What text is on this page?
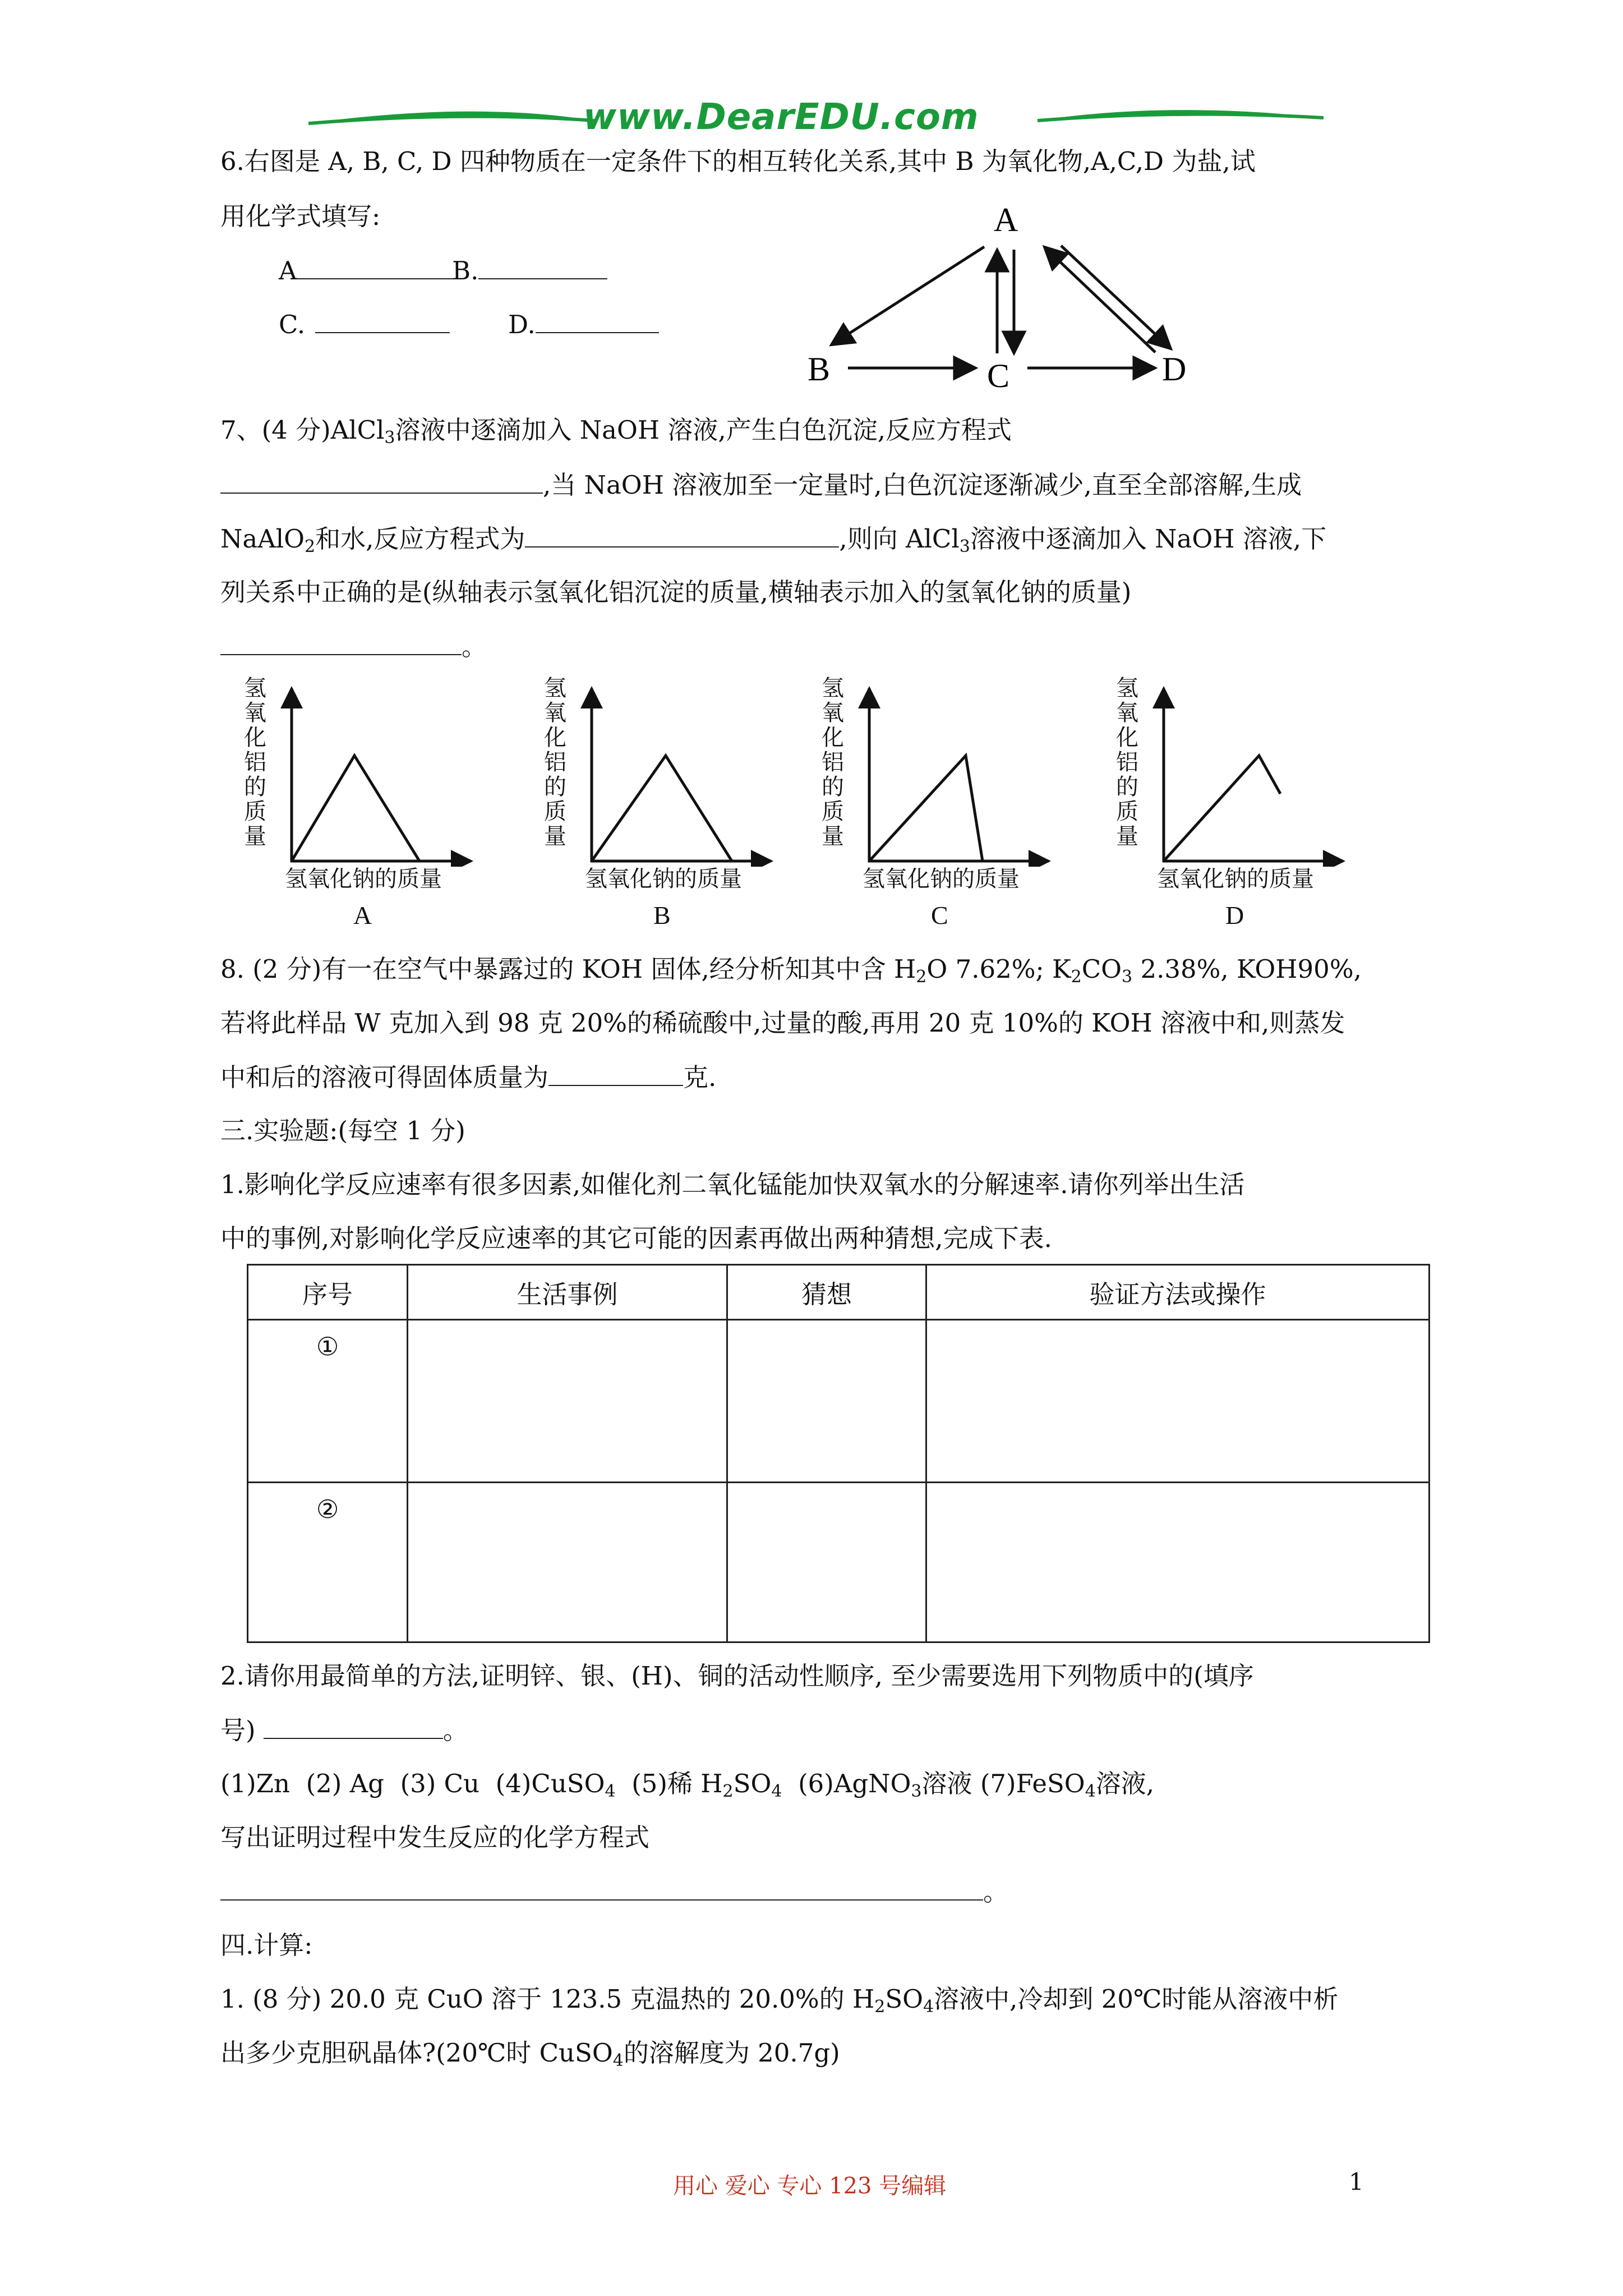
www.DearEDU.com
6.右图是 A, B, C, D 四种物质在一定条件下的相互转化关系,其中 B 为氧化物,A,C,D 为盐,试
用化学式填写:
A	B.
C.	D.
A
B	C	D
7、(4 分)AlCl$_3$溶液中逐滴加入 NaOH 溶液,产生白色沉淀,反应方程式
,当 NaOH 溶液加至一定量时,白色沉淀逐渐减少,直至全部溶解,生成
NaAlO$_2$和水,反应方程式为	,则向 AlCl$_3$溶液中逐滴加入 NaOH 溶液,下
列关系中正确的是(纵轴表示氢氧化铝沉淀的质量,横轴表示加入的氢氧化钠的质量)
。
氢氧化铝的质量
氢氧化钠的质量
A
氢氧化铝的质量
氢氧化钠的质量
B
氢氧化铝的质量
氢氧化钠的质量
C
氢氧化铝的质量
氢氧化钠的质量
D
8. (2 分)有一在空气中暴露过的 KOH 固体,经分析知其中含 $H_2O$ 7.62%; $K_2CO_3$ 2.38%, KOH90%,
若将此样品 W 克加入到 98 克 20%的稀硫酸中,过量的酸,再用 20 克 10%的 KOH 溶液中和,则蒸发
中和后的溶液可得固体质量为	克.
三.实验题:(每空 1 分)
1.影响化学反应速率有很多因素,如催化剂二氧化锰能加快双氧水的分解速率.请你列举出生活
中的事例,对影响化学反应速率的其它可能的因素再做出两种猜想,完成下表.
序号	生活事例	猜想	验证方法或操作
①			
②			
2.请你用最简单的方法,证明锌、银、(H)、铜的活动性顺序, 至少需要选用下列物质中的(填序
号)	。
(1)Zn (2) Ag (3) Cu (4)CuSO$_4$ (5)稀 $H_2SO_4$ (6)AgNO$_3$溶液 (7)FeSO$_4$溶液,
写出证明过程中发生反应的化学方程式
。
四.计算:
1. (8 分) 20.0 克 CuO 溶于 123.5 克温热的 20.0%的 $H_2SO_4$溶液中,冷却到 20℃时能从溶液中析
出多少克胆矾晶体?(20℃时 CuSO$_4$的溶解度为 20.7g)
用心 爱心 专心 123 号编辑	1
